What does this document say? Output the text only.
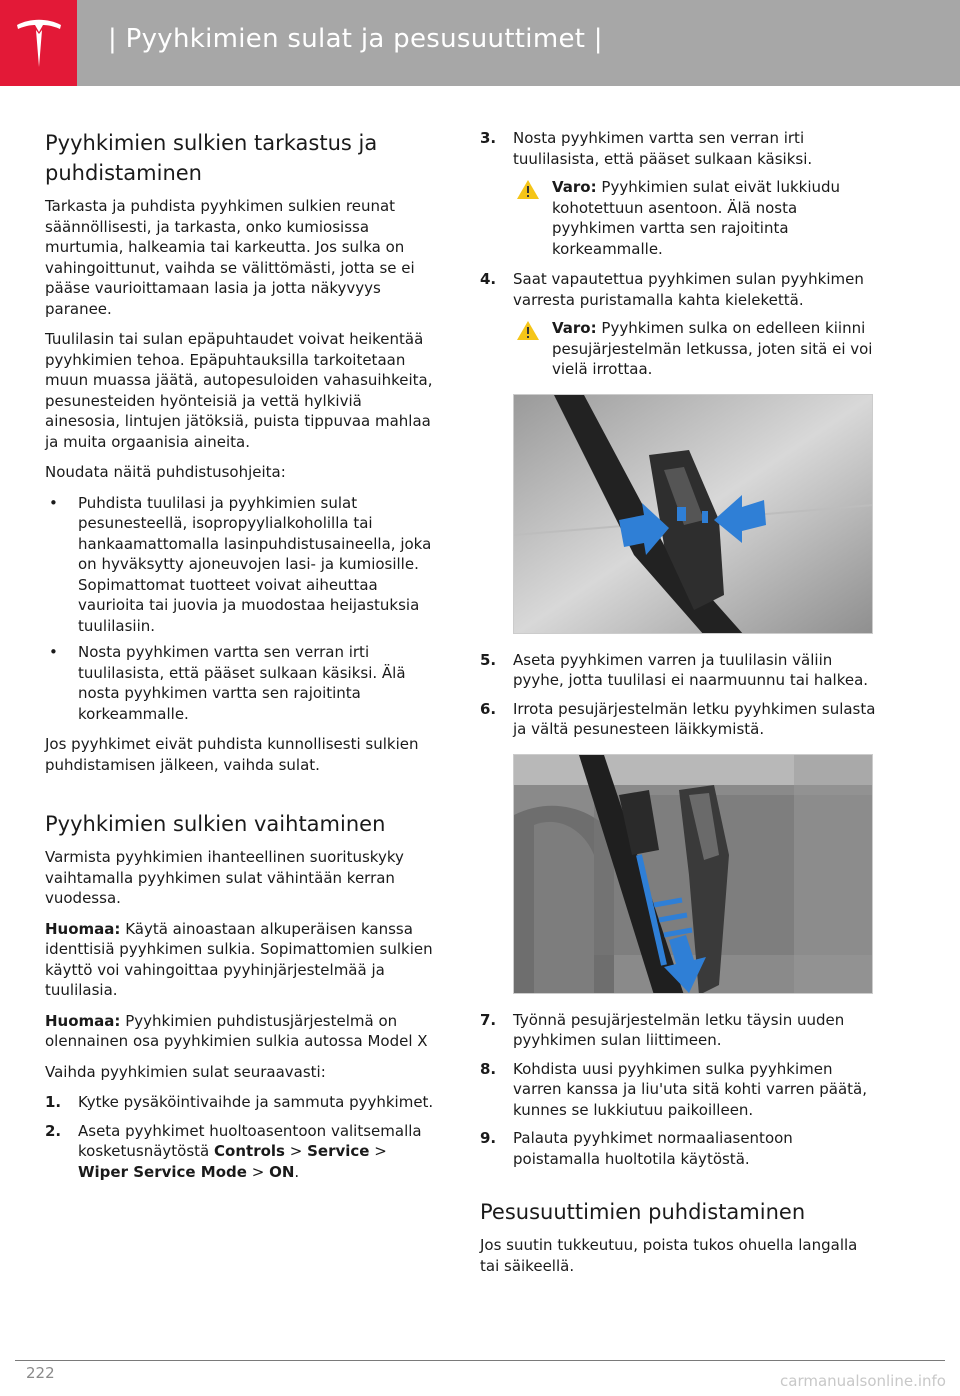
| Pyyhkimien sulat ja pesusuuttimet |
Pyyhkimien sulkien tarkastus ja puhdistaminen

Tarkasta ja puhdista pyyhkimen sulkien reunat säännöllisesti, ja tarkasta, onko kumiosissa murtumia, halkeamia tai karkeutta. Jos sulka on vahingoittunut, vaihda se välittömästi, jotta se ei pääse vaurioittamaan lasia ja jotta näkyvyys paranee.

Tuulilasin tai sulan epäpuhtaudet voivat heikentää pyyhkimien tehoa. Epäpuhtauksilla tarkoitetaan muun muassa jäätä, autopesuloiden vahasuihkeita, pesunesteiden hyönteisiä ja vettä hylkiviä ainesosia, lintujen jätöksiä, puista tippuvaa mahlaa ja muita orgaanisia aineita.

Noudata näitä puhdistusohjeita:

• Puhdista tuulilasi ja pyyhkimien sulat pesunesteellä, isopropyylialkoholilla tai hankaamattomalla lasinpuhdistusaineella, joka on hyväksytty ajoneuvojen lasi- ja kumiosille. Sopimattomat tuotteet voivat aiheuttaa vaurioita tai juovia ja muodostaa heijastuksia tuulilasiin.
• Nosta pyyhkimen vartta sen verran irti tuulilasista, että pääset sulkaan käsiksi. Älä nosta pyyhkimen vartta sen rajoitinta korkeammalle.

Jos pyyhkimet eivät puhdista kunnollisesti sulkien puhdistamisen jälkeen, vaihda sulat.

Pyyhkimien sulkien vaihtaminen

Varmista pyyhkimien ihanteellinen suorituskyky vaihtamalla pyyhkimen sulat vähintään kerran vuodessa.

Huomaa: Käytä ainoastaan alkuperäisen kanssa identtisiä pyyhkimen sulkia. Sopimattomien sulkien käyttö voi vahingoittaa pyyhinjärjestelmää ja tuulilasia.

Huomaa: Pyyhkimien puhdistusjärjestelmä on olennainen osa pyyhkimien sulkia autossa Model X

Vaihda pyyhkimien sulat seuraavasti:

1. Kytke pysäköintivaihde ja sammuta pyyhkimet.
2. Aseta pyyhkimet huoltoasentoon valitsemalla kosketusnäytöstä Controls > Service > Wiper Service Mode > ON.
3. Nosta pyyhkimen vartta sen verran irti tuulilasista, että pääset sulkaan käsiksi.
Varo: Pyyhkimien sulat eivät lukkiudu kohotettuun asentoon. Älä nosta pyyhkimen vartta sen rajoitinta korkeammalle.
4. Saat vapautettua pyyhkimen sulan pyyhkimen varresta puristamalla kahta kielekettä.
Varo: Pyyhkimen sulka on edelleen kiinni pesujärjestelmän letkussa, joten sitä ei voi vielä irrottaa.
5. Aseta pyyhkimen varren ja tuulilasin väliin pyyhe, jotta tuulilasi ei naarmuunnu tai halkea.
6. Irrota pesujärjestelmän letku pyyhkimen sulasta ja vältä pesunesteen läikkymistä.
7. Työnnä pesujärjestelmän letku täysin uuden pyyhkimen sulan liittimeen.
8. Kohdista uusi pyyhkimen sulka pyyhkimen varren kanssa ja liu'uta sitä kohti varren päätä, kunnes se lukkiutuu paikoilleen.
9. Palauta pyyhkimet normaaliasentoon poistamalla huoltotila käytöstä.
Pesusuuttimien puhdistaminen

Jos suutin tukkeutuu, poista tukos ohuella langalla tai säikeellä.

222	carmanualsonline.info
